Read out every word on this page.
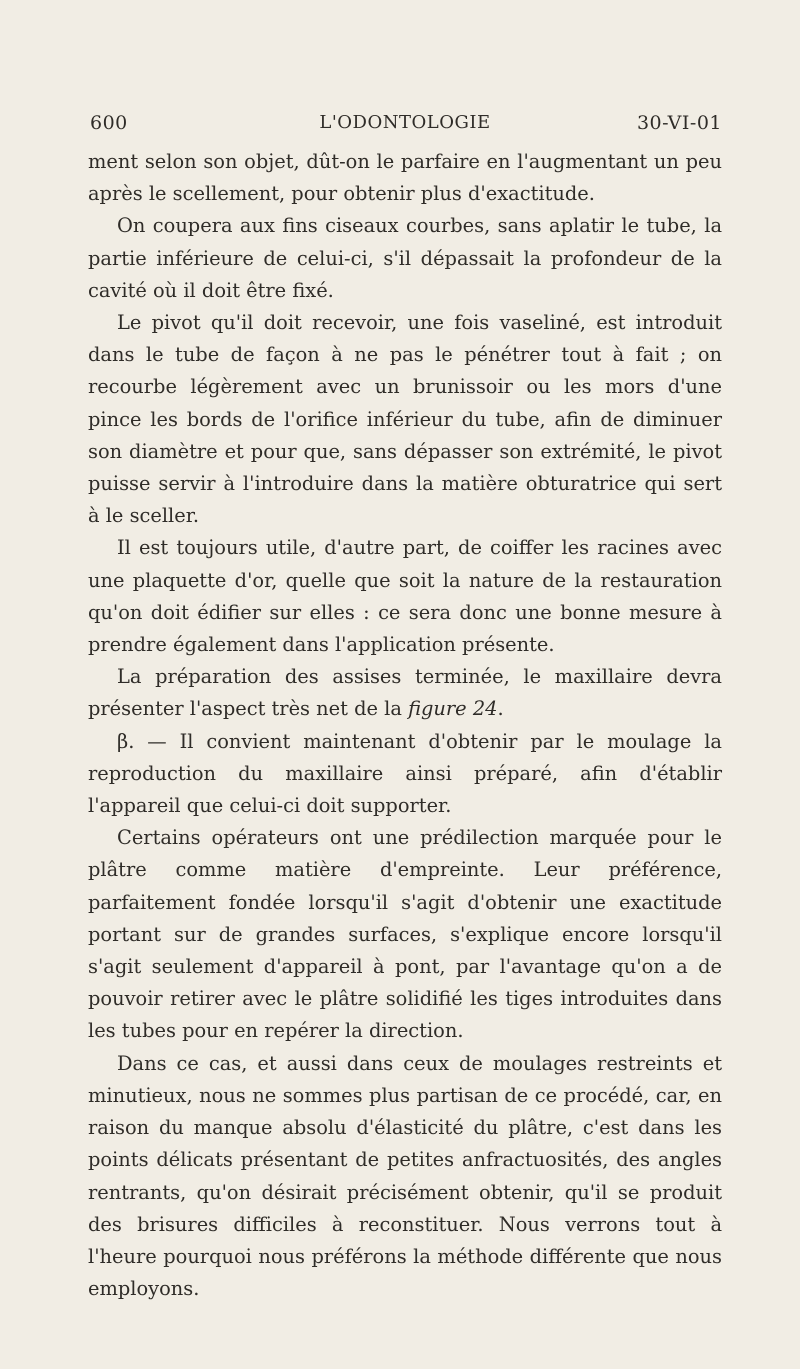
600	L'ODONTOLOGIE	30-VI-01

ment selon son objet, dût-on le parfaire en l'augmentant un peu après le scellement, pour obtenir plus d'exactitude.

On coupera aux fins ciseaux courbes, sans aplatir le tube, la partie inférieure de celui-ci, s'il dépassait la profondeur de la cavité où il doit être fixé.

Le pivot qu'il doit recevoir, une fois vaseliné, est introduit dans le tube de façon à ne pas le pénétrer tout à fait ; on recourbe légèrement avec un brunissoir ou les mors d'une pince les bords de l'orifice inférieur du tube, afin de diminuer son diamètre et pour que, sans dépasser son extrémité, le pivot puisse servir à l'introduire dans la matière obturatrice qui sert à le sceller.

Il est toujours utile, d'autre part, de coiffer les racines avec une plaquette d'or, quelle que soit la nature de la restauration qu'on doit édifier sur elles : ce sera donc une bonne mesure à prendre également dans l'application présente.

La préparation des assises terminée, le maxillaire devra présenter l'aspect très net de la figure 24.

β. — Il convient maintenant d'obtenir par le moulage la reproduction du maxillaire ainsi préparé, afin d'établir l'appareil que celui-ci doit supporter.

Certains opérateurs ont une prédilection marquée pour le plâtre comme matière d'empreinte. Leur préférence, parfaitement fondée lorsqu'il s'agit d'obtenir une exactitude portant sur de grandes surfaces, s'explique encore lorsqu'il s'agit seulement d'appareil à pont, par l'avantage qu'on a de pouvoir retirer avec le plâtre solidifié les tiges introduites dans les tubes pour en repérer la direction.

Dans ce cas, et aussi dans ceux de moulages restreints et minutieux, nous ne sommes plus partisan de ce procédé, car, en raison du manque absolu d'élasticité du plâtre, c'est dans les points délicats présentant de petites anfractuosités, des angles rentrants, qu'on désirait précisément obtenir, qu'il se produit des brisures difficiles à reconstituer. Nous verrons tout à l'heure pourquoi nous préférons la méthode différente que nous employons.
